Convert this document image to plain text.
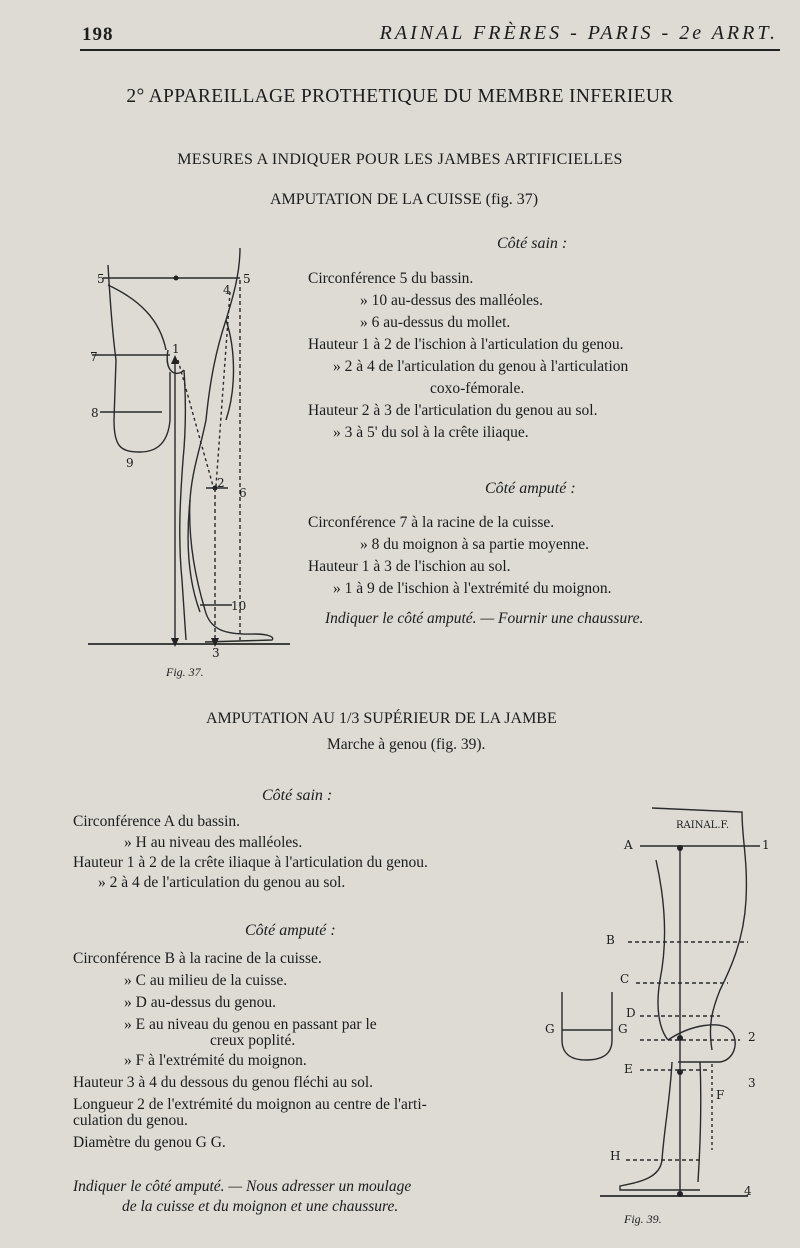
198	RAINAL FRÈRES - PARIS - 2e ARRT.
2° APPAREILLAGE PROTHETIQUE DU MEMBRE INFERIEUR
MESURES A INDIQUER POUR LES JAMBES ARTIFICIELLES
AMPUTATION DE LA CUISSE (fig. 37)
Côté sain :
Circonférence 5 du bassin.
» 10 au-dessus des malléoles.
» 6 au-dessus du mollet.
Hauteur 1 à 2 de l'ischion à l'articulation du genou.
» 2 à 4 de l'articulation du genou à l'articulation
coxo-fémorale.
Hauteur 2 à 3 de l'articulation du genou au sol.
» 3 à 5' du sol à la crête iliaque.
Côté amputé :
Circonférence 7 à la racine de la cuisse.
» 8 du moignon à sa partie moyenne.
Hauteur 1 à 3 de l'ischion au sol.
» 1 à 9 de l'ischion à l'extrémité du moignon.
Indiquer le côté amputé. — Fournir une chaussure.
5	5
4
7
1
8
9
2
6
10
3
Fig. 37.
AMPUTATION AU 1/3 SUPÉRIEUR DE LA JAMBE
Marche à genou (fig. 39).
Côté sain :
Circonférence A du bassin.
» H au niveau des malléoles.
Hauteur 1 à 2 de la crête iliaque à l'articulation du genou.
» 2 à 4 de l'articulation du genou au sol.
Côté amputé :
Circonférence B à la racine de la cuisse.
» C au milieu de la cuisse.
» D au-dessus du genou.
» E au niveau du genou en passant par le
creux poplité.
» F à l'extrémité du moignon.
Hauteur 3 à 4 du dessous du genou fléchi au sol.
Longueur 2 de l'extrémité du moignon au centre de l'arti-
culation du genou.
Diamètre du genou G G.
Indiquer le côté amputé. — Nous adresser un moulage
de la cuisse et du moignon et une chaussure.
RAINAL.F.
A	1
B
C
D
G	G
2
E
3
F
H
4
Fig. 39.
